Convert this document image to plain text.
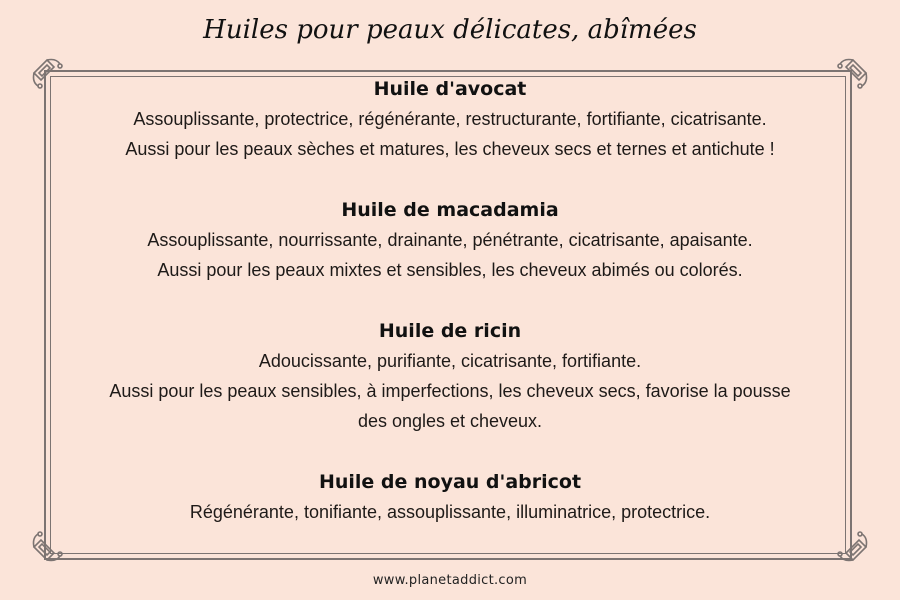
Huiles pour peaux délicates, abîmées

Huile d'avocat

Assouplissante, protectrice, régénérante, restructurante, fortifiante, cicatrisante.

Aussi pour les peaux sèches et matures, les cheveux secs et ternes et antichute !

Huile de macadamia

Assouplissante, nourrissante, drainante, pénétrante, cicatrisante, apaisante.

Aussi pour les peaux mixtes et sensibles, les cheveux abimés ou colorés.

Huile de ricin

Adoucissante, purifiante, cicatrisante, fortifiante.

Aussi pour les peaux sensibles, à imperfections, les cheveux secs, favorise la pousse

des ongles et cheveux.

Huile de noyau d'abricot

Régénérante, tonifiante, assouplissante, illuminatrice, protectrice.

www.planetaddict.com
